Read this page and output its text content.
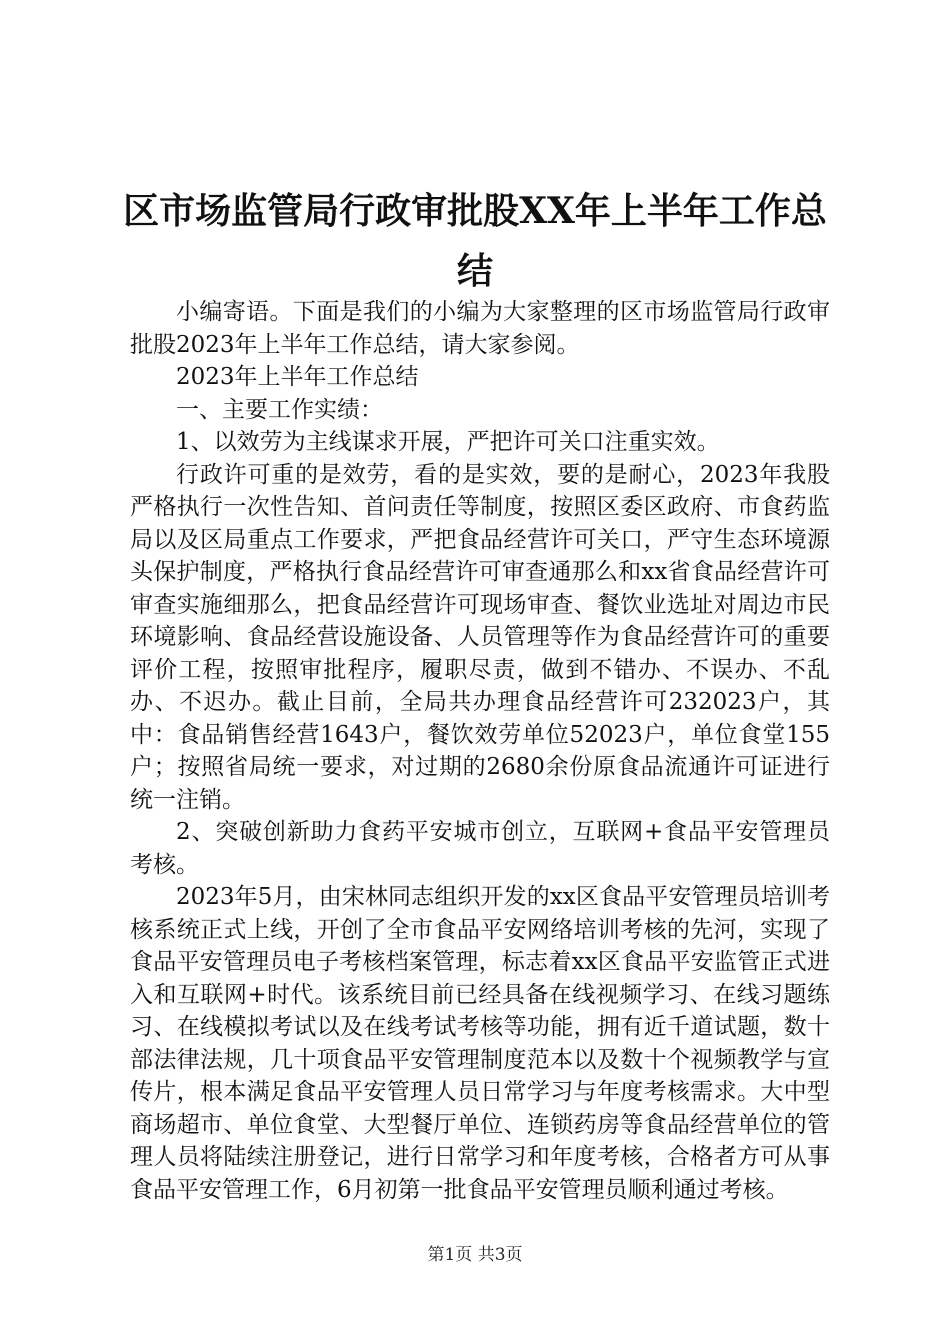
区市场监管局行政审批股XX年上半年工作总
结

小编寄语。下面是我们的小编为大家整理的区市场监管局行政审批股2023年上半年工作总结，请大家参阅。

2023年上半年工作总结

一、主要工作实绩：

1、以效劳为主线谋求开展，严把许可关口注重实效。

行政许可重的是效劳，看的是实效，要的是耐心，2023年我股严格执行一次性告知、首问责任等制度，按照区委区政府、市食药监局以及区局重点工作要求，严把食品经营许可关口，严守生态环境源头保护制度，严格执行食品经营许可审查通那么和xx省食品经营许可审查实施细那么，把食品经营许可现场审查、餐饮业选址对周边市民环境影响、食品经营设施设备、人员管理等作为食品经营许可的重要评价工程，按照审批程序，履职尽责，做到不错办、不误办、不乱办、不迟办。截止目前，全局共办理食品经营许可232023户，其中：食品销售经营1643户，餐饮效劳单位52023户，单位食堂155户；按照省局统一要求，对过期的2680余份原食品流通许可证进行统一注销。

2、突破创新助力食药平安城市创立，互联网+食品平安管理员考核。

2023年5月，由宋林同志组织开发的xx区食品平安管理员培训考核系统正式上线，开创了全市食品平安网络培训考核的先河，实现了食品平安管理员电子考核档案管理，标志着xx区食品平安监管正式进入和互联网+时代。该系统目前已经具备在线视频学习、在线习题练习、在线模拟考试以及在线考试考核等功能，拥有近千道试题，数十部法律法规，几十项食品平安管理制度范本以及数十个视频教学与宣传片，根本满足食品平安管理人员日常学习与年度考核需求。大中型商场超市、单位食堂、大型餐厅单位、连锁药房等食品经营单位的管理人员将陆续注册登记，进行日常学习和年度考核，合格者方可从事食品平安管理工作，6月初第一批食品平安管理员顺利通过考核。

第1页 共3页
